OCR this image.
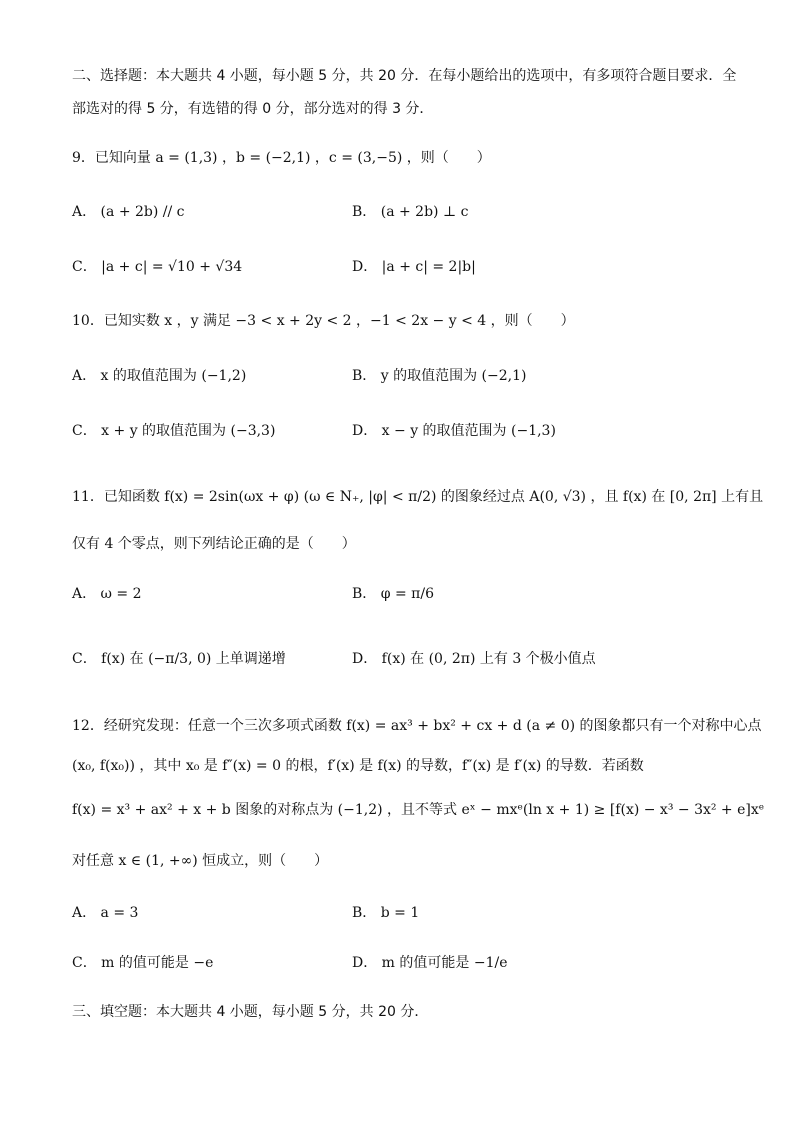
二、选择题：本大题共 4 小题，每小题 5 分，共 20 分．在每小题给出的选项中，有多项符合题目要求．全
部选对的得 5 分，有选错的得 0 分，部分选对的得 3 分．
9．已知向量 a = (1,3) ，b = (−2,1) ，c = (3,−5) ，则（　　）
A． (a + 2b) // c	B． (a + 2b) ⊥ c
C． |a + c| = √10 + √34	D． |a + c| = 2|b|
10．已知实数 x ，y 满足 −3 < x + 2y < 2 ，−1 < 2x − y < 4 ，则（　　）
A． x 的取值范围为 (−1,2)	B． y 的取值范围为 (−2,1)
C． x + y 的取值范围为 (−3,3)	D． x − y 的取值范围为 (−1,3)
11．已知函数 f(x) = 2sin(ωx + φ) (ω ∈ N₊, |φ| < π/2) 的图象经过点 A(0, √3) ，且 f(x) 在 [0, 2π] 上有且
仅有 4 个零点，则下列结论正确的是（　　）
A． ω = 2	B． φ = π/6
C． f(x) 在 (−π/3, 0) 上单调递增	D． f(x) 在 (0, 2π) 上有 3 个极小值点
12．经研究发现：任意一个三次多项式函数 f(x) = ax³ + bx² + cx + d (a ≠ 0) 的图象都只有一个对称中心点
(x₀, f(x₀)) ，其中 x₀ 是 f″(x) = 0 的根，f′(x) 是 f(x) 的导数，f″(x) 是 f′(x) 的导数．若函数
f(x) = x³ + ax² + x + b 图象的对称点为 (−1,2) ，且不等式 eˣ − mxᵉ(ln x + 1) ≥ [f(x) − x³ − 3x² + e]xᵉ
对任意 x ∈ (1, +∞) 恒成立，则（　　）
A． a = 3	B． b = 1
C． m 的值可能是 −e	D． m 的值可能是 −1/e
三、填空题：本大题共 4 小题，每小题 5 分，共 20 分．
